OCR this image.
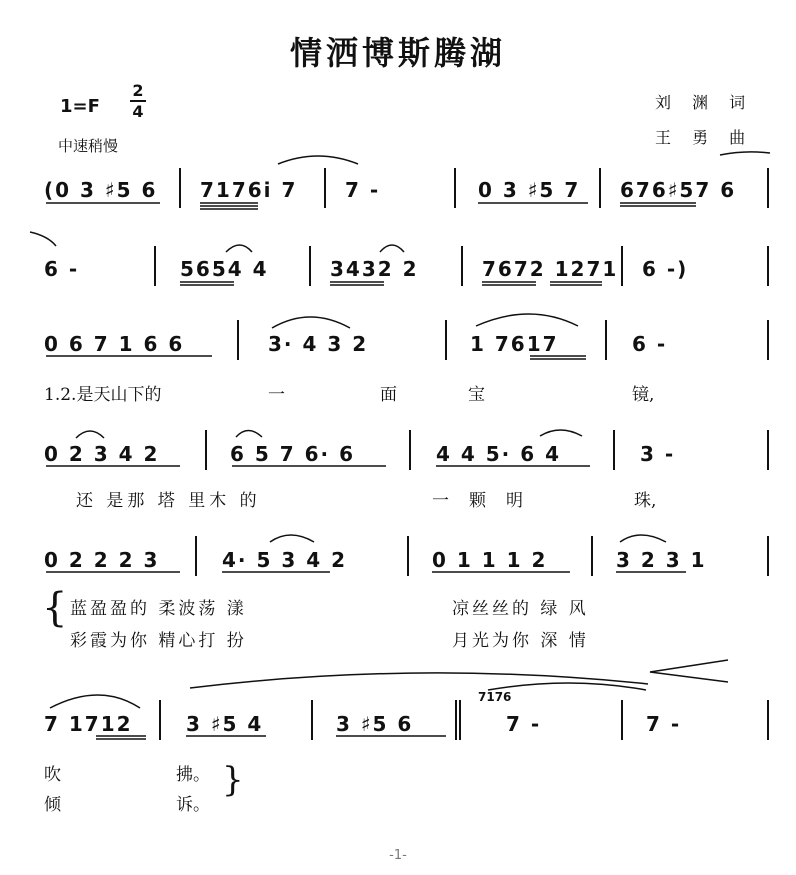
情洒博斯腾湖
1=F
2
4
中速稍慢
刘 渊 词
王 勇 曲
(0 3 ♯5 6 7176i 7 7 -	0 3 ♯5 7 676♯57 6
6 -	5654 4	3432 2	7672 1271 6 -)
0 6 7 1 6 6	3· 4 3 2	1 7617	6 -
1.2.是天山下的	一	面	宝	镜,
0 2 3 4 2	6 5 7 6· 6	4 4 5· 6 4	3 -
还 是那 塔 里木 的	一颗明	珠,
0 2 2 2 3	4· 5 3 4 2	0 1 1 1 2	3 2 3 1
{ 蓝盈盈的 柔波荡 漾	凉丝丝的 绿 风
彩霞为你 精心打 扮	月光为你 深 情
7 1712	3 ♯5 4	3 ♯5 6
7176
7 -	7 -
吹	拂。
倾	诉。
}
-1-
